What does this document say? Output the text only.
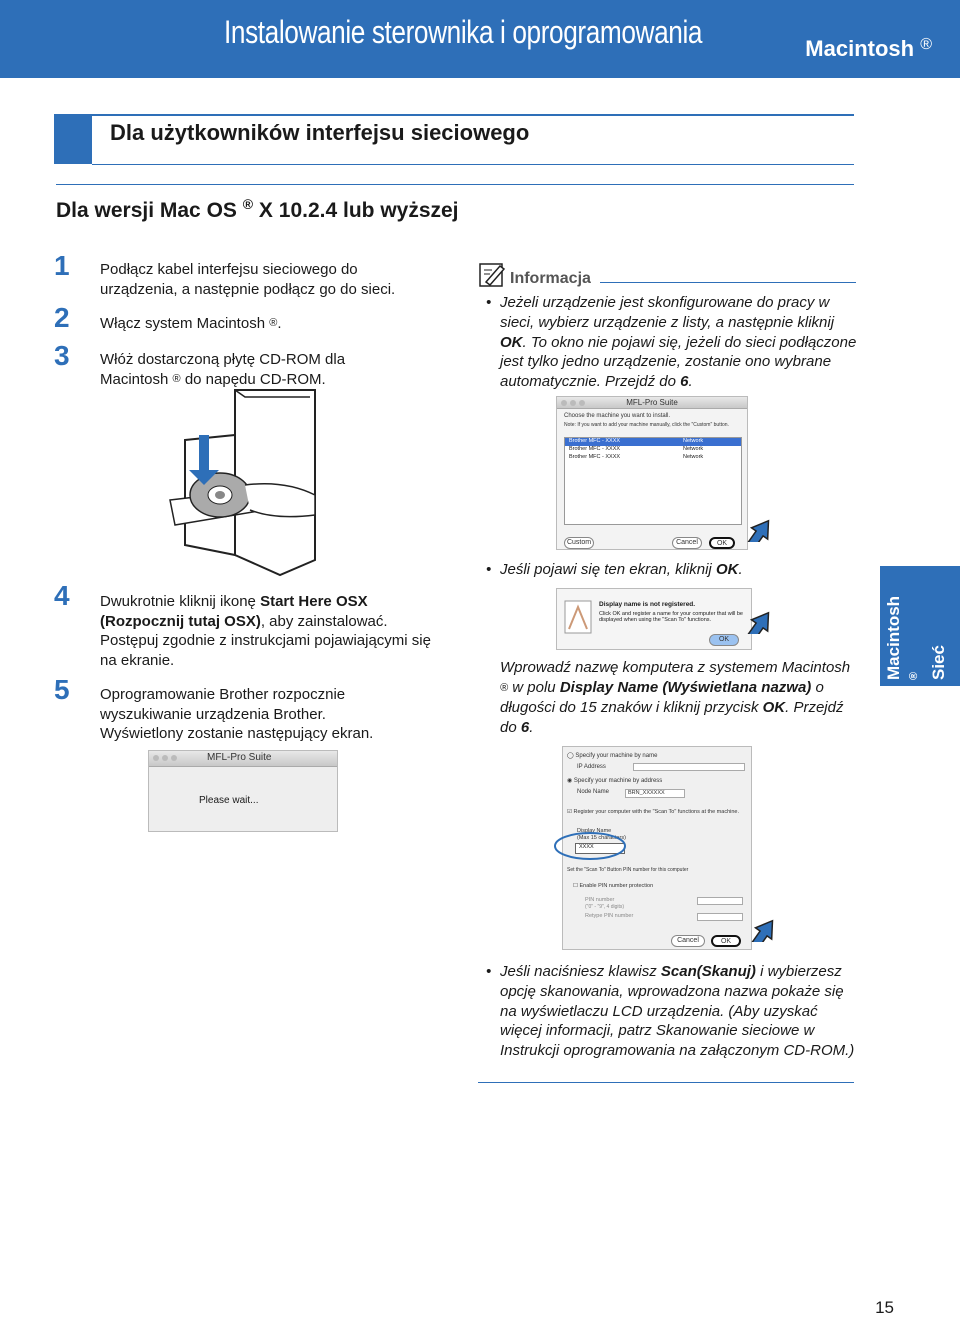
Instalowanie sterownika i oprogramowania	Macintosh ®
Dla użytkowników interfejsu sieciowego
Dla wersji Mac OS ® X 10.2.4 lub wyższej
1	Podłącz kabel interfejsu sieciowego do urządzenia, a następnie podłącz go do sieci.
2	Włącz system Macintosh ®.
3	Włóż dostarczoną płytę CD-ROM dla Macintosh ® do napędu CD-ROM.
Informacja
• Jeżeli urządzenie jest skonfigurowane do pracy w sieci, wybierz urządzenie z listy, a następnie kliknij OK. To okno nie pojawi się, jeżeli do sieci podłączone jest tylko jedno urządzenie, zostanie ono wybrane automatycznie. Przejdź do 6.
MFL-Pro Suite
Choose the machine you want to install.
Note: If you want to add your machine manually, click the "Custom" button.
Brother MFC - XXXX	Network
Brother MFC - XXXX	Network
Brother MFC - XXXX	Network
Custom	Cancel	OK
• Jeśli pojawi się ten ekran, kliknij OK.
Display name is not registered.
Click OK and register a name for your computer that will be displayed when using the "Scan To" functions.
OK
Wprowadź nazwę komputera z systemem Macintosh ® w polu Display Name (Wyświetlana nazwa) o długości do 15 znaków i kliknij przycisk OK. Przejdź do 6.
◯ Specify your machine by name
IP Address
◉ Specify your machine by address
Node Name	BRN_XXXXXX
☑ Register your computer with the "Scan To" functions at the machine.
Display Name
(Max 15 characters)
XXXX
Set the "Scan To" Button PIN number for this computer
☐ Enable PIN number protection
PIN number
("0" - "9", 4 digits)
Retype PIN number
Cancel	OK
• Jeśli naciśniesz klawisz Scan(Skanuj) i wybierzesz opcję skanowania, wprowadzona nazwa pokaże się na wyświetlaczu LCD urządzenia. (Aby uzyskać więcej informacji, patrz Skanowanie sieciowe w Instrukcji oprogramowania na załączonym CD-ROM.)
4	Dwukrotnie kliknij ikonę Start Here OSX (Rozpocznij tutaj OSX), aby zainstalować. Postępuj zgodnie z instrukcjami pojawiającymi się na ekranie.
5	Oprogramowanie Brother rozpocznie wyszukiwanie urządzenia Brother. Wyświetlony zostanie następujący ekran.
MFL-Pro Suite
Please wait...
Macintosh ® Sieć
15
